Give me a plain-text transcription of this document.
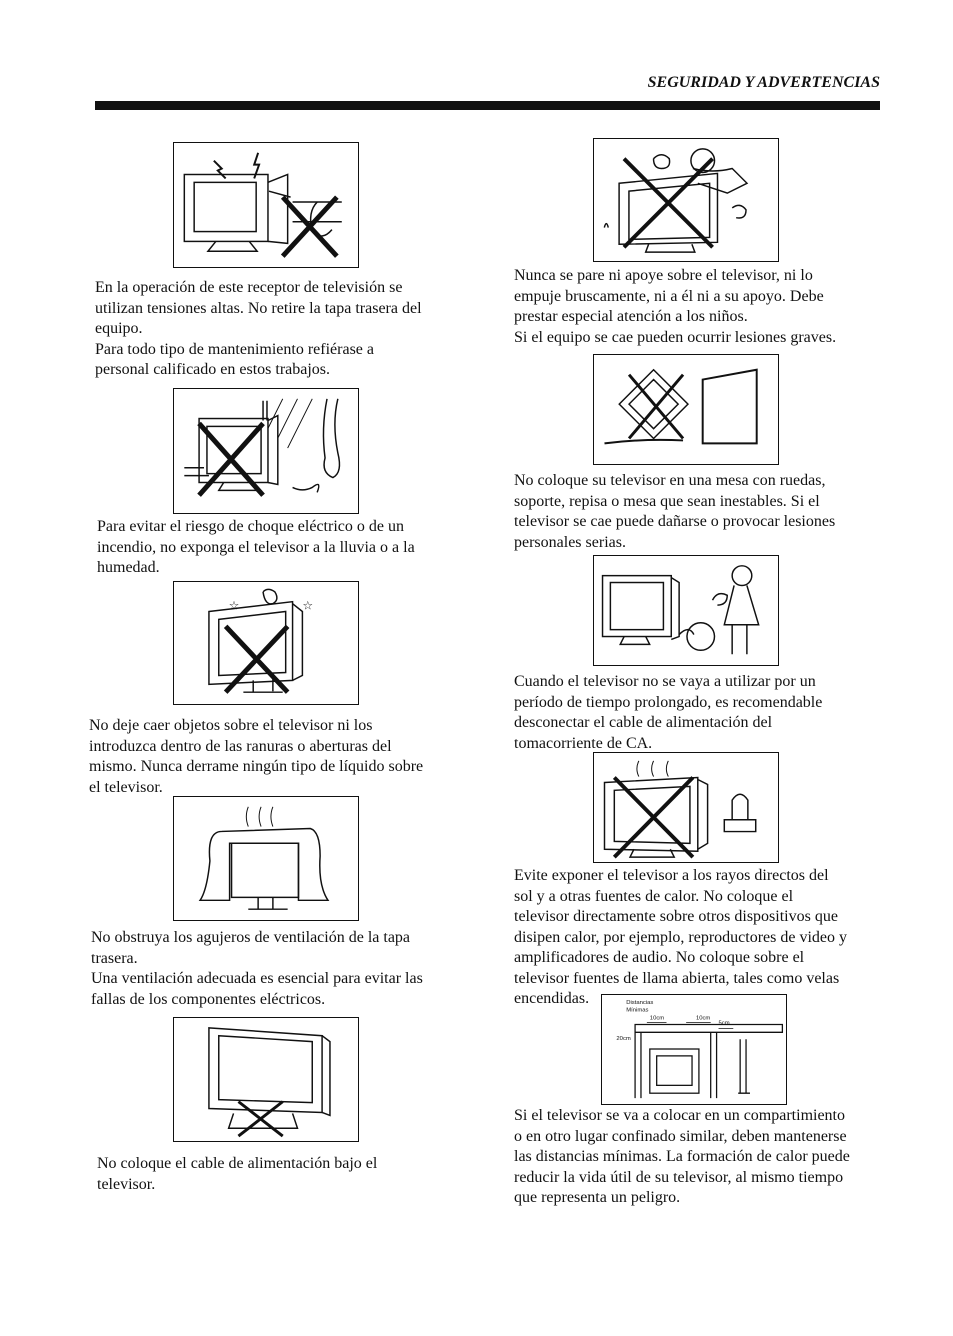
SEGURIDAD Y ADVERTENCIAS

En la operación de este receptor de televisión se
utilizan tensiones altas. No retire la tapa trasera del
equipo.
Para todo tipo de mantenimiento refiérase a
personal calificado en estos trabajos.

Para evitar el riesgo de choque eléctrico o de un
incendio, no exponga el televisor a la lluvia o a la
humedad.

☆	☆

No deje caer objetos sobre el televisor ni los
introduzca dentro de las ranuras o aberturas del
mismo. Nunca derrame ningún tipo de líquido sobre
el televisor.

No obstruya los agujeros de ventilación de la tapa
trasera.
Una ventilación adecuada es esencial para evitar las
fallas de los componentes eléctricos.

No coloque el cable de alimentación bajo el
televisor.

Nunca se pare ni apoye sobre el televisor, ni lo
empuje bruscamente, ni a él ni a su apoyo. Debe
prestar especial atención a los niños.
Si el equipo se cae pueden ocurrir lesiones graves.

No coloque su televisor en una mesa con ruedas,
soporte, repisa o mesa que sean inestables. Si el
televisor se cae puede dañarse o provocar lesiones
personales serias.

Cuando el televisor no se vaya a utilizar por un
período de tiempo prolongado, es recomendable
desconectar el cable de alimentación del
tomacorriente de CA.

Evite exponer el televisor a los rayos directos del
sol y a otras fuentes de calor. No coloque el
televisor directamente sobre otros dispositivos que
disipen calor, por ejemplo, reproductores de video y
amplificadores de audio. No coloque sobre el
televisor fuentes de llama abierta, tales como velas
encendidas.	Distancias
Mínimas
10cm	10cm
5cm
20cm

Si el televisor se va a colocar en un compartimiento
o en otro lugar confinado similar, deben mantenerse
las distancias mínimas. La formación de calor puede
reducir la vida útil de su televisor, al mismo tiempo
que representa un peligro.
